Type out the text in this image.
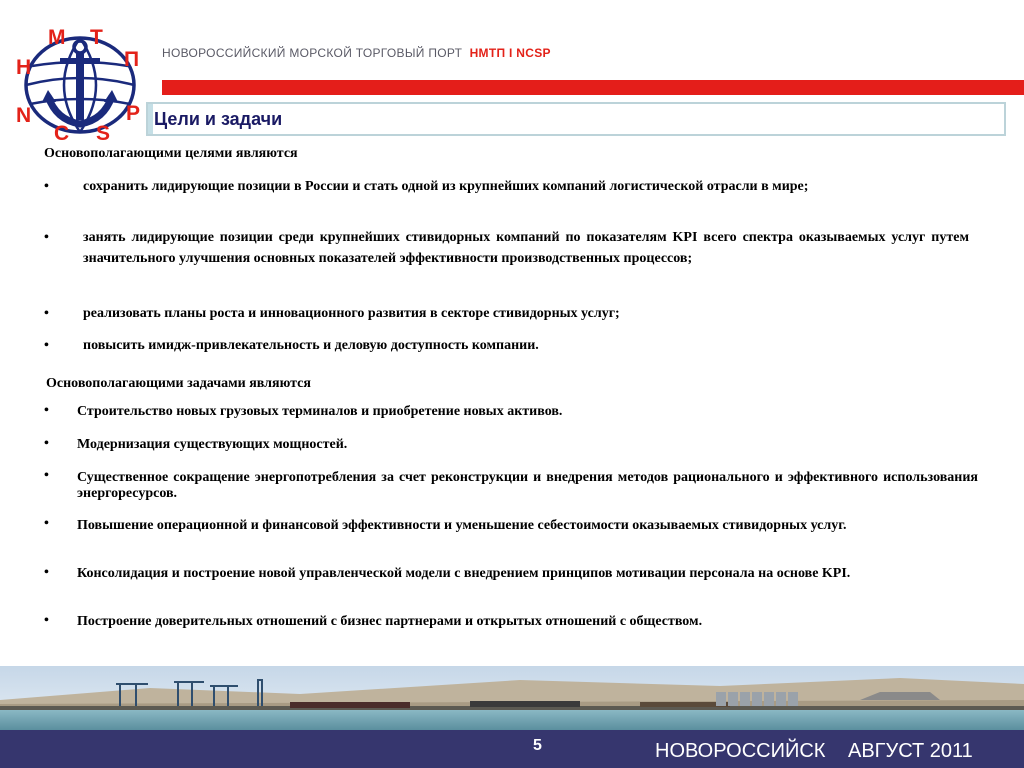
Н
М Т
П
N
C S
P
НОВОРОССИЙСКИЙ МОРСКОЙ ТОРГОВЫЙ ПОРТ НМТП I NCSP
Цели и задачи
Основополагающими целями являются
• сохранить лидирующие позиции в России и стать одной из крупнейших компаний логистической отрасли в мире;
• занять лидирующие позиции среди крупнейших стивидорных компаний по показателям KPI всего спектра оказываемых услуг путем значительного улучшения основных показателей эффективности производственных процессов;
• реализовать планы роста и инновационного развития в секторе стивидорных услуг;
• повысить имидж-привлекательность и деловую доступность компании.
Основополагающими задачами являются
• Строительство новых грузовых терминалов и приобретение новых активов.
• Модернизация существующих мощностей.
• Существенное сокращение энергопотребления за счет реконструкции и внедрения методов рационального и эффективного использования энергоресурсов.
• Повышение операционной и финансовой эффективности и уменьшение себестоимости оказываемых стивидорных услуг.
• Консолидация и построение новой управленческой модели с внедрением принципов мотивации персонала на основе KPI.
• Построение доверительных отношений с бизнес партнерами и открытых отношений с обществом.
5	НОВОРОССИЙСК АВГУСТ 2011
